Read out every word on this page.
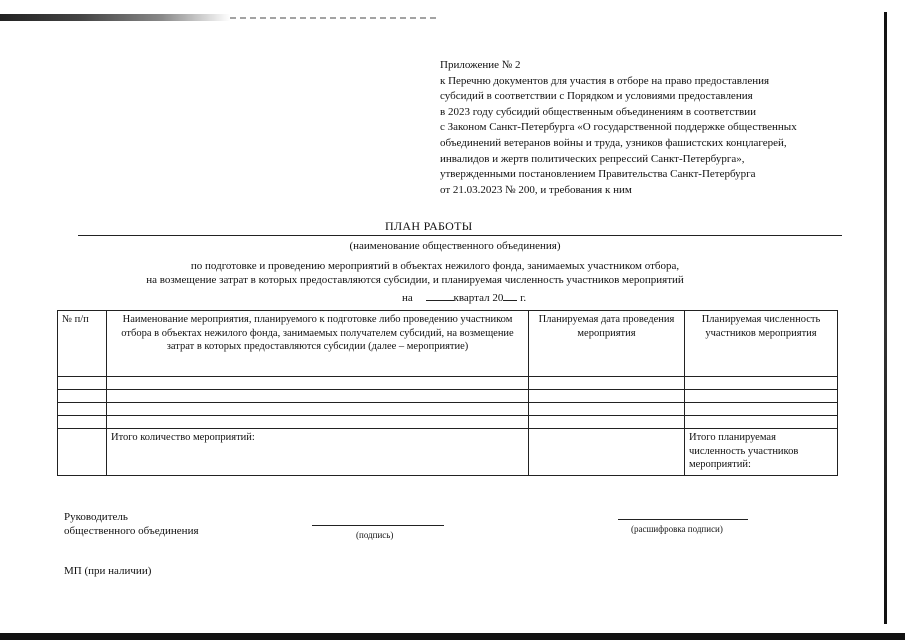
Приложение № 2
к Перечню документов для участия в отборе на право предоставления
субсидий в соответствии с Порядком и условиями предоставления
в 2023 году субсидий общественным объединениям в соответствии
с Законом Санкт-Петербурга «О государственной поддержке общественных
объединений ветеранов войны и труда, узников фашистских концлагерей,
инвалидов и жертв политических репрессий Санкт-Петербурга»,
утвержденными постановлением Правительства Санкт-Петербурга
от 21.03.2023 № 200, и требования к ним
ПЛАН РАБОТЫ
(наименование общественного объединения)
по подготовке и проведению мероприятий в объектах нежилого фонда, занимаемых участником отбора,
на возмещение затрат в которых предоставляются субсидии, и планируемая численность участников мероприятий
на	квартал 20 г.
№ п/п	Наименование мероприятия, планируемого к подготовке либо проведению участником отбора в объектах нежилого фонда, занимаемых получателем субсидий, на возмещение затрат в которых предоставляются субсидии (далее – мероприятие)	Планируемая дата проведения мероприятия	Планируемая численность участников мероприятия

	Итого количество мероприятий:		Итого планируемая численность участников мероприятий:
Руководитель
общественного объединения	(подпись)
(расшифровка подписи)
МП (при наличии)
